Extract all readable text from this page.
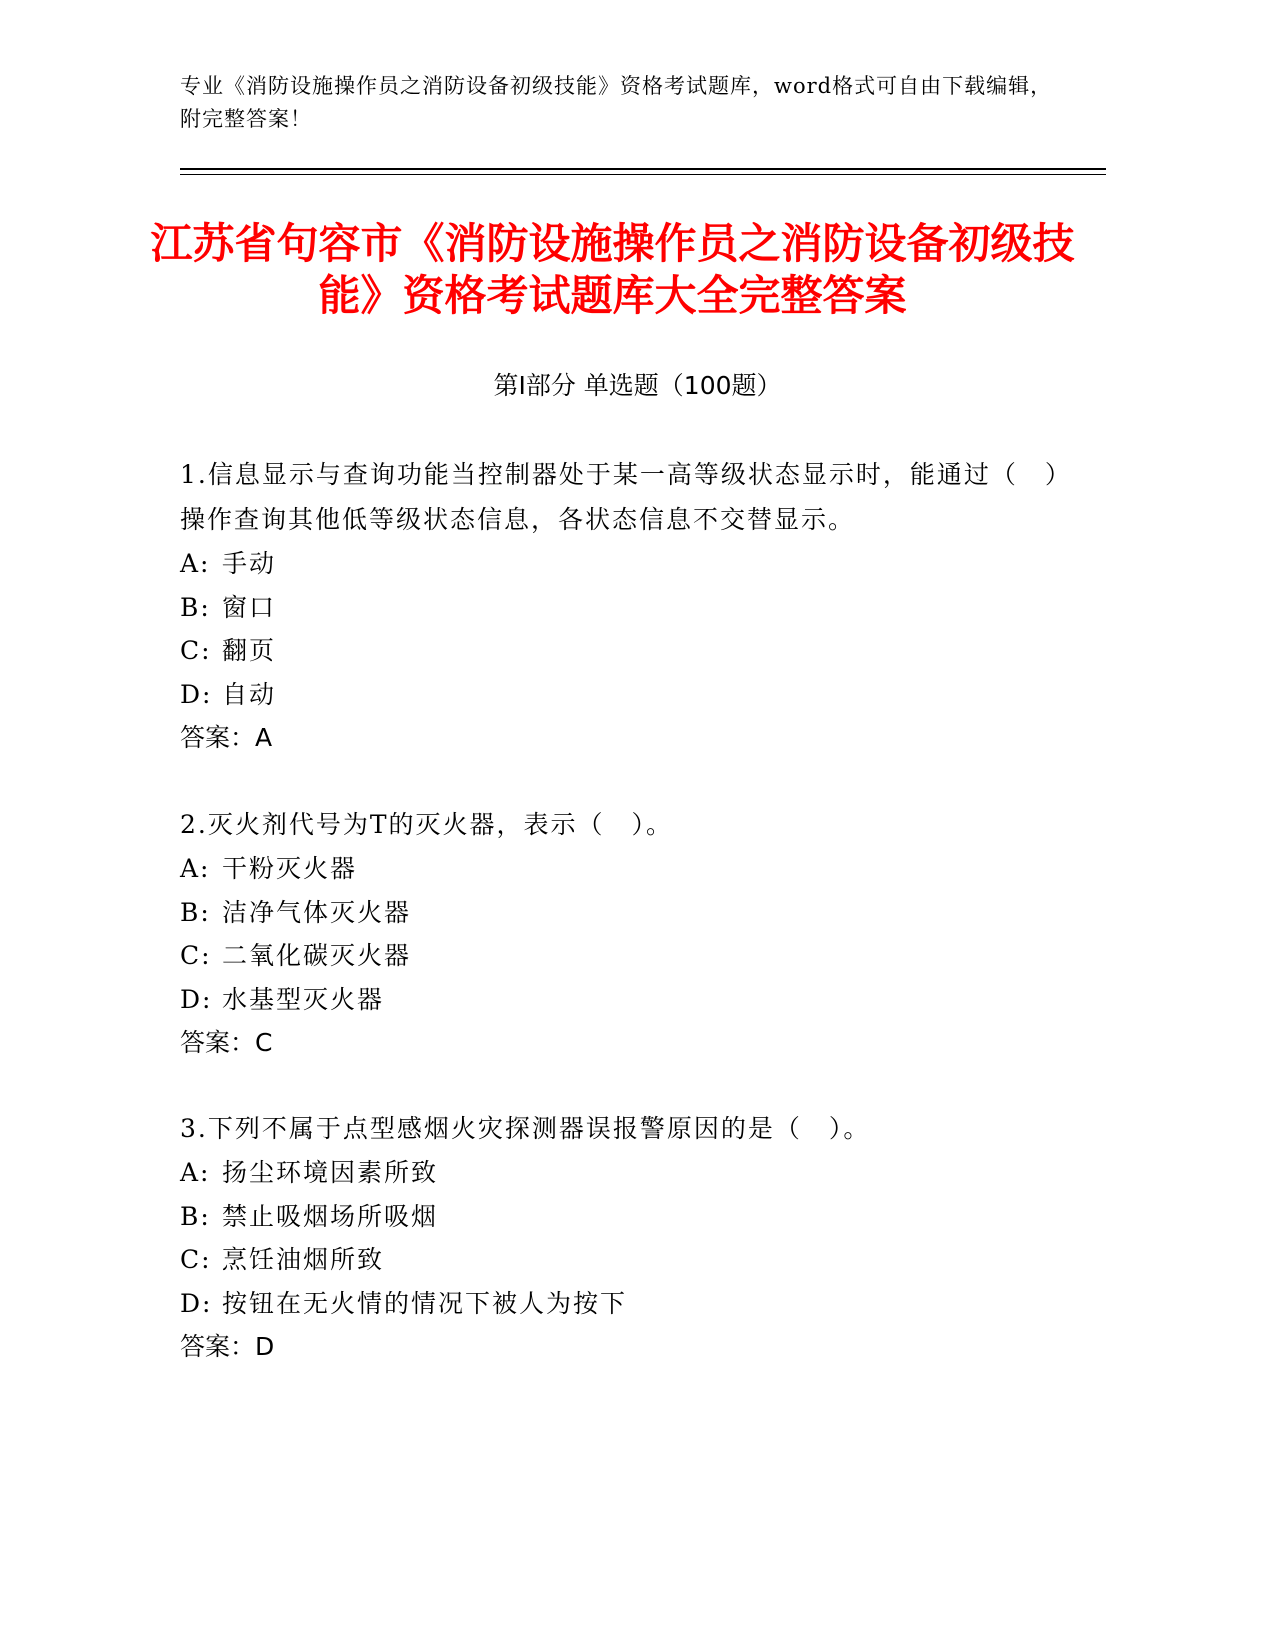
专业《消防设施操作员之消防设备初级技能》资格考试题库，word格式可自由下载编辑，附完整答案！
江苏省句容市《消防设施操作员之消防设备初级技能》资格考试题库大全完整答案
第Ⅰ部分 单选题（100题）
1.信息显示与查询功能当控制器处于某一高等级状态显示时，能通过（　）操作查询其他低等级状态信息，各状态信息不交替显示。
A: 手动
B: 窗口
C: 翻页
D: 自动
答案：A
2.灭火剂代号为T的灭火器，表示（　）。
A: 干粉灭火器
B: 洁净气体灭火器
C: 二氧化碳灭火器
D: 水基型灭火器
答案：C
3.下列不属于点型感烟火灾探测器误报警原因的是（　）。
A: 扬尘环境因素所致
B: 禁止吸烟场所吸烟
C: 烹饪油烟所致
D: 按钮在无火情的情况下被人为按下
答案：D
